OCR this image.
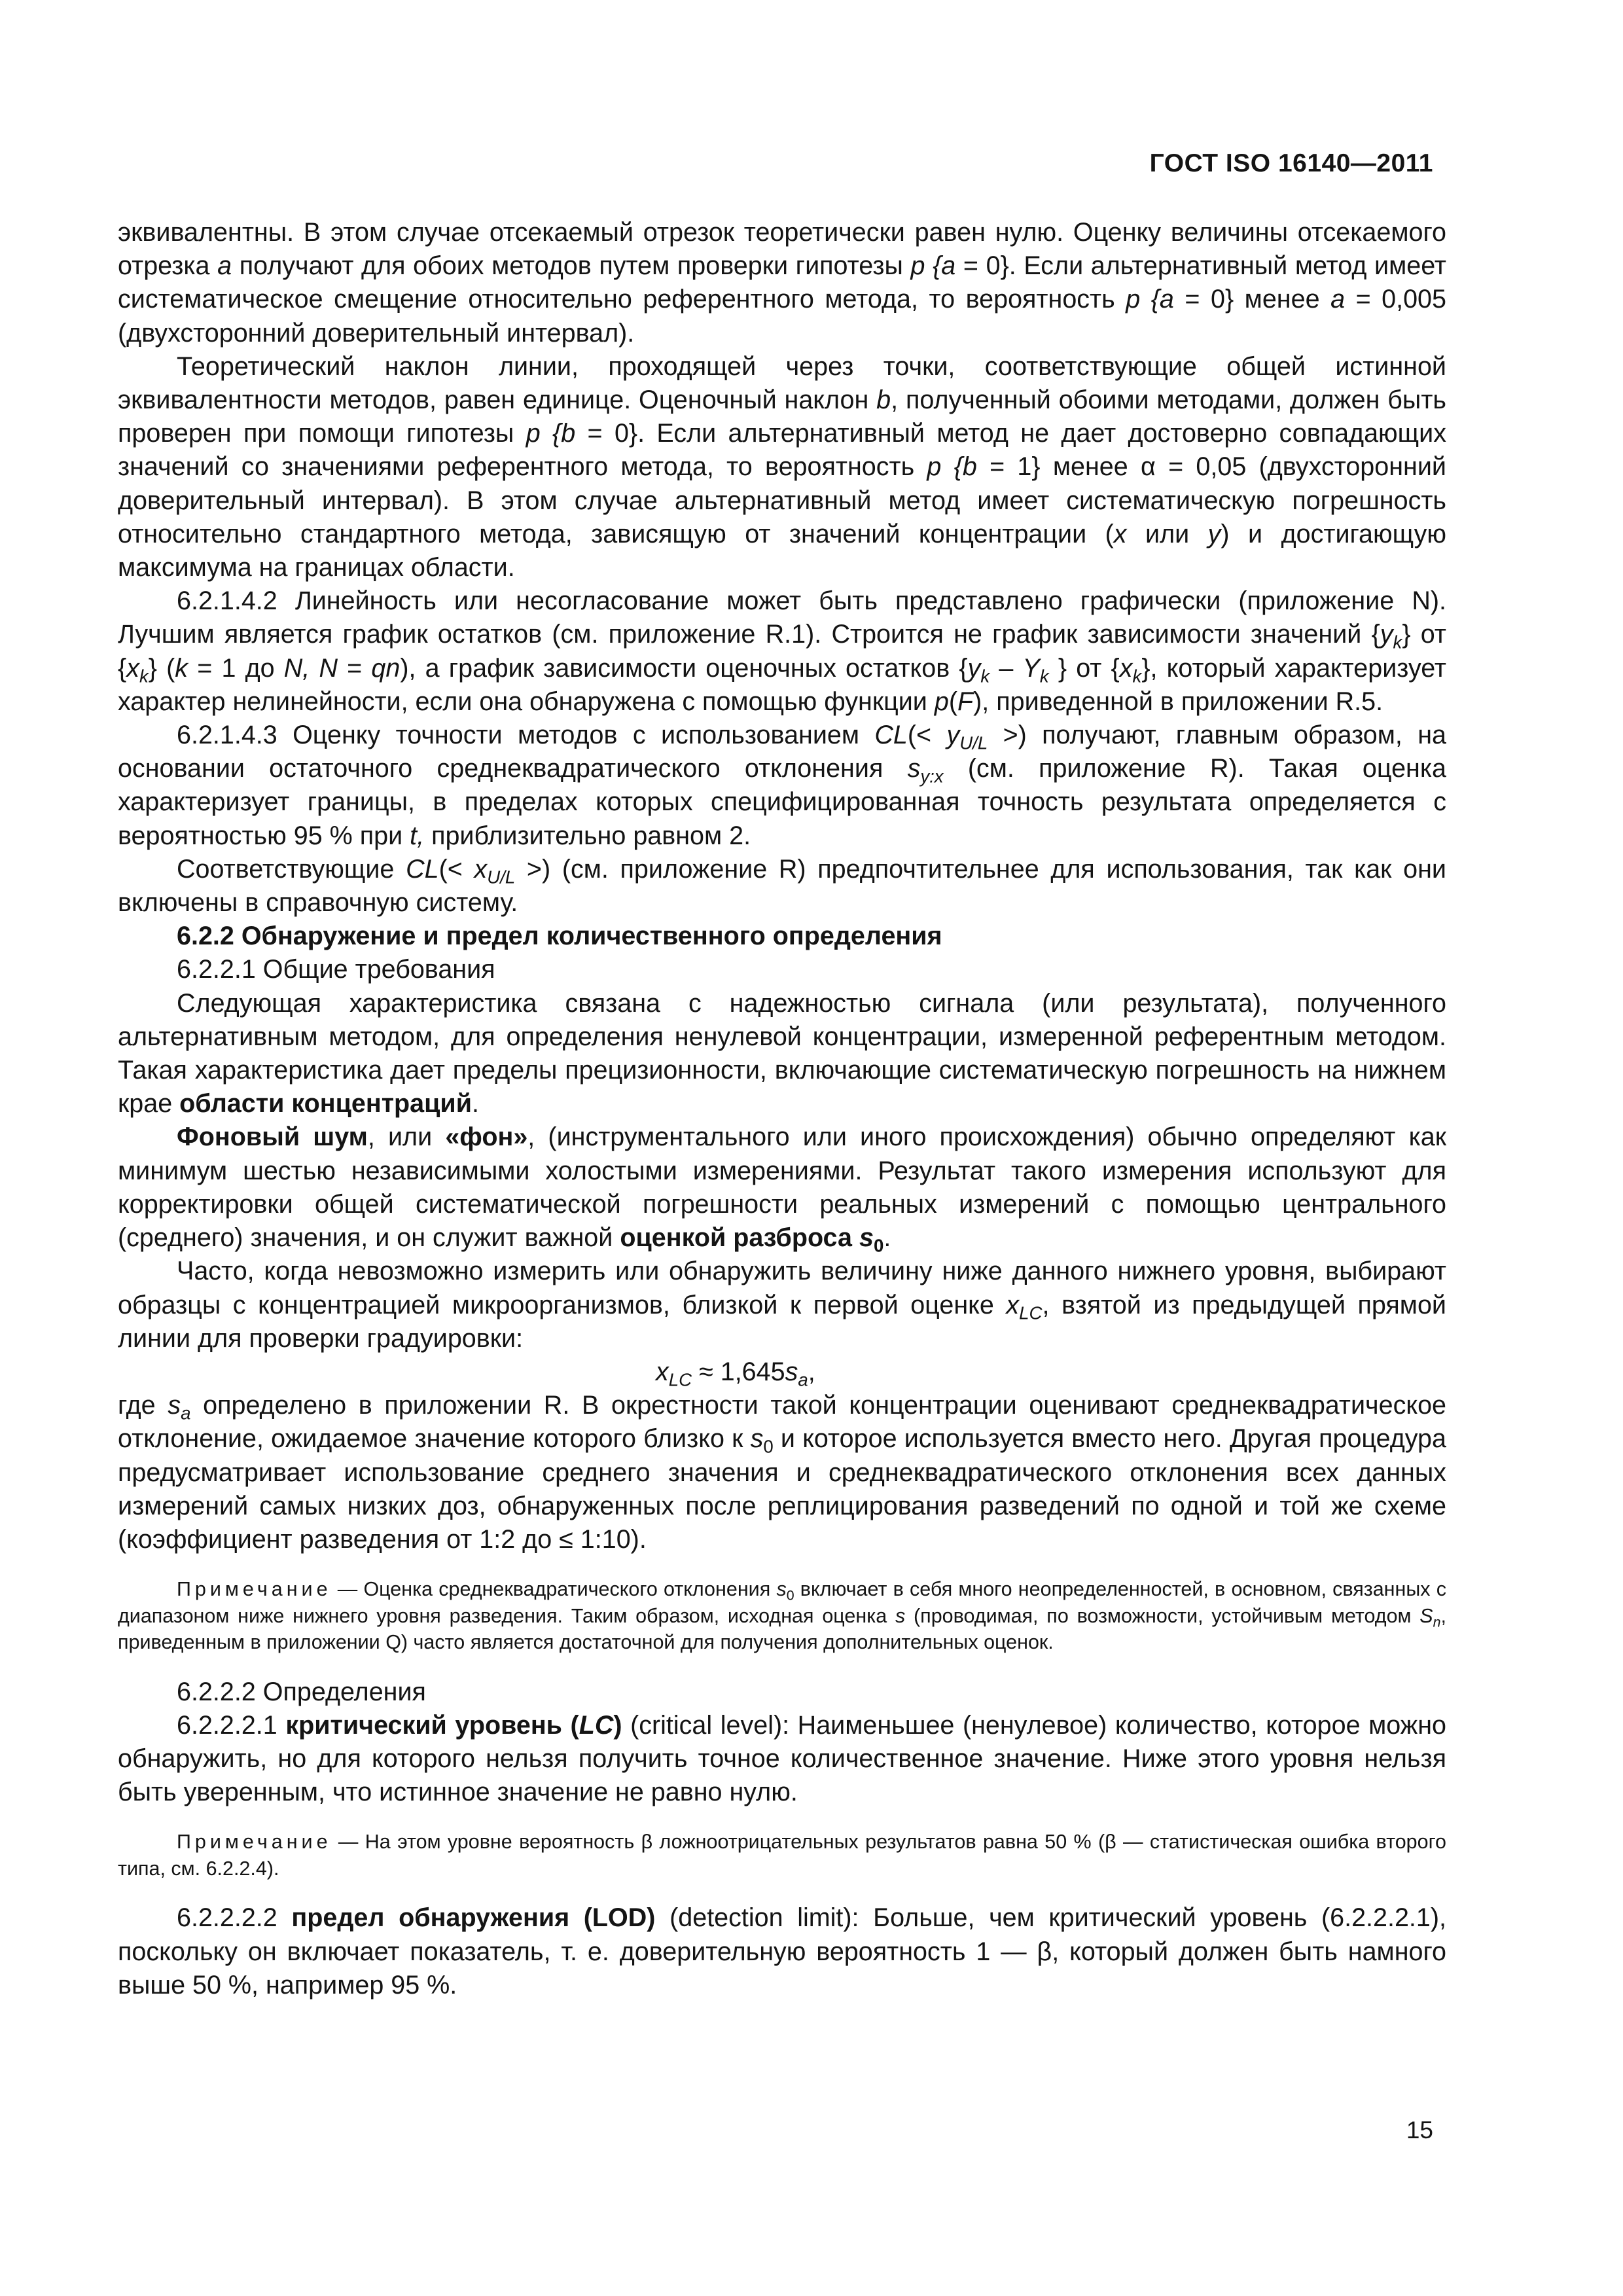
ГОСТ ISO 16140—2011

эквивалентны. В этом случае отсекаемый отрезок теоретически равен нулю. Оценку величины отсекаемого отрезка a получают для обоих методов путем проверки гипотезы p {a = 0}. Если альтернативный метод имеет систематическое смещение относительно референтного метода, то вероятность p {a = 0} менее a = 0,005 (двухсторонний доверительный интервал).

Теоретический наклон линии, проходящей через точки, соответствующие общей истинной эквивалентности методов, равен единице. Оценочный наклон b, полученный обоими методами, должен быть проверен при помощи гипотезы p {b = 0}. Если альтернативный метод не дает достоверно совпадающих значений со значениями референтного метода, то вероятность p {b = 1} менее α = 0,05 (двухсторонний доверительный интервал). В этом случае альтернативный метод имеет систематическую погрешность относительно стандартного метода, зависящую от значений концентрации (x или y) и достигающую максимума на границах области.

6.2.1.4.2 Линейность или несогласование может быть представлено графически (приложение N). Лучшим является график остатков (см. приложение R.1). Строится не график зависимости значений $\{y_k\}$ от $\{x_k\} (k = 1$ до N, N = qn), а график зависимости оценочных остатков {$y_k - Y_k$ } от $\{x_k\}$, который характеризует характер нелинейности, если она обнаружена с помощью функции p(F), приведенной в приложении R.5.

6.2.1.4.3 Оценку точности методов с использованием $CL(< y_{U/L}$ >) получают, главным образом, на основании остаточного среднеквадратического отклонения $s_{y:x}$ (см. приложение R). Такая оценка характеризует границы, в пределах которых специфицированная точность результата определяется с вероятностью 95 % при t, приблизительно равном 2.

Соответствующие $CL(< x_{U/L}$ >) (см. приложение R) предпочтительнее для использования, так как они включены в справочную систему.

6.2.2 Обнаружение и предел количественного определения

6.2.2.1 Общие требования

Следующая характеристика связана с надежностью сигнала (или результата), полученного альтернативным методом, для определения ненулевой концентрации, измеренной референтным методом. Такая характеристика дает пределы прецизионности, включающие систематическую погрешность на нижнем крае области концентраций.

Фоновый шум, или «фон», (инструментального или иного происхождения) обычно определяют как минимум шестью независимыми холостыми измерениями. Результат такого измерения используют для корректировки общей систематической погрешности реальных измерений с помощью центрального (среднего) значения, и он служит важной оценкой разброса $s_0$.

Часто, когда невозможно измерить или обнаружить величину ниже данного нижнего уровня, выбирают образцы с концентрацией микроорганизмов, близкой к первой оценке $x_{LC}$, взятой из предыдущей прямой линии для проверки градуировки:

$x_{LC} \approx 1,645s_a$,

где $s_a$ определено в приложении R. В окрестности такой концентрации оценивают среднеквадратическое отклонение, ожидаемое значение которого близко к $s_0$ и которое используется вместо него. Другая процедура предусматривает использование среднего значения и среднеквадратического отклонения всех данных измерений самых низких доз, обнаруженных после реплицирования разведений по одной и той же схеме (коэффициент разведения от 1:2 до ≤ 1:10).

Примечание — Оценка среднеквадратического отклонения $s_0$ включает в себя много неопределенностей, в основном, связанных с диапазоном ниже нижнего уровня разведения. Таким образом, исходная оценка s (проводимая, по возможности, устойчивым методом $S_n$, приведенным в приложении Q) часто является достаточной для получения дополнительных оценок.

6.2.2.2 Определения

6.2.2.2.1 критический уровень (LC) (critical level): Наименьшее (ненулевое) количество, которое можно обнаружить, но для которого нельзя получить точное количественное значение. Ниже этого уровня нельзя быть уверенным, что истинное значение не равно нулю.

Примечание — На этом уровне вероятность β ложноотрицательных результатов равна 50 % (β — статистическая ошибка второго типа, см. 6.2.2.4).

6.2.2.2.2 предел обнаружения (LOD) (detection limit): Больше, чем критический уровень (6.2.2.2.1), поскольку он включает показатель, т. е. доверительную вероятность 1 — β, который должен быть намного выше 50 %, например 95 %.

15
